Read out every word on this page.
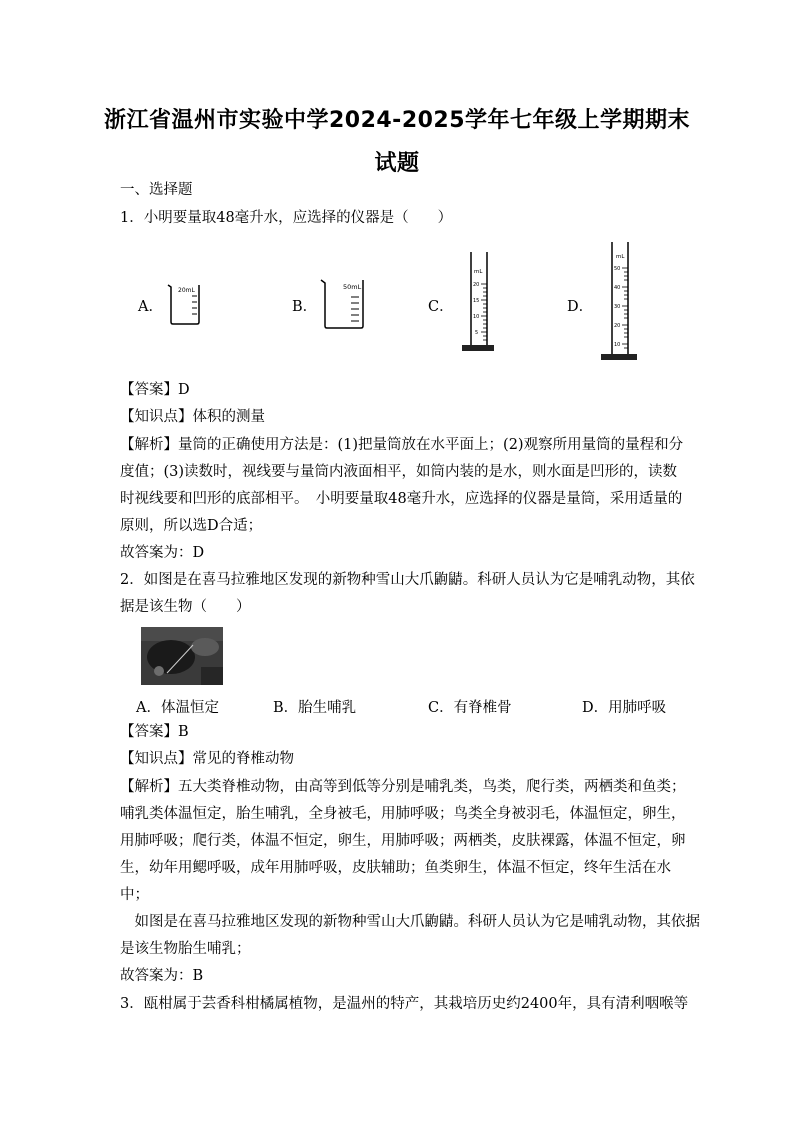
浙江省温州市实验中学2024-2025学年七年级上学期期末
试题
一、选择题
1．小明要量取48毫升水，应选择的仪器是（　　）
A．	B．	C．	D．
20mL	50mL
mL
20
15
10
5
mL
50
40
30
20
10
【答案】D
【知识点】体积的测量
【解析】量筒的正确使用方法是：(1)把量筒放在水平面上；(2)观察所用量筒的量程和分
度值；(3)读数时，视线要与量筒内液面相平，如筒内装的是水，则水面是凹形的，读数
时视线要和凹形的底部相平。　小明要量取48毫升水，应选择的仪器是量筒，采用适量的
原则，所以选D合适；
故答案为：D
2．如图是在喜马拉雅地区发现的新物种雪山大爪鼩鼱。科研人员认为它是哺乳动物，其依
据是该生物（　　）
A．体温恒定	B．胎生哺乳	C．有脊椎骨	D．用肺呼吸
【答案】B
【知识点】常见的脊椎动物
【解析】五大类脊椎动物，由高等到低等分别是哺乳类，鸟类，爬行类，两栖类和鱼类；
哺乳类体温恒定，胎生哺乳，全身被毛，用肺呼吸；鸟类全身被羽毛，体温恒定，卵生，
用肺呼吸；爬行类，体温不恒定，卵生，用肺呼吸；两栖类，皮肤裸露，体温不恒定，卵
生，幼年用鳃呼吸，成年用肺呼吸，皮肤辅助；鱼类卵生，体温不恒定，终年生活在水
中；
　如图是在喜马拉雅地区发现的新物种雪山大爪鼩鼱。科研人员认为它是哺乳动物，其依据
是该生物胎生哺乳；
故答案为：B
3．瓯柑属于芸香科柑橘属植物，是温州的特产，其栽培历史约2400年，具有清利咽喉等
